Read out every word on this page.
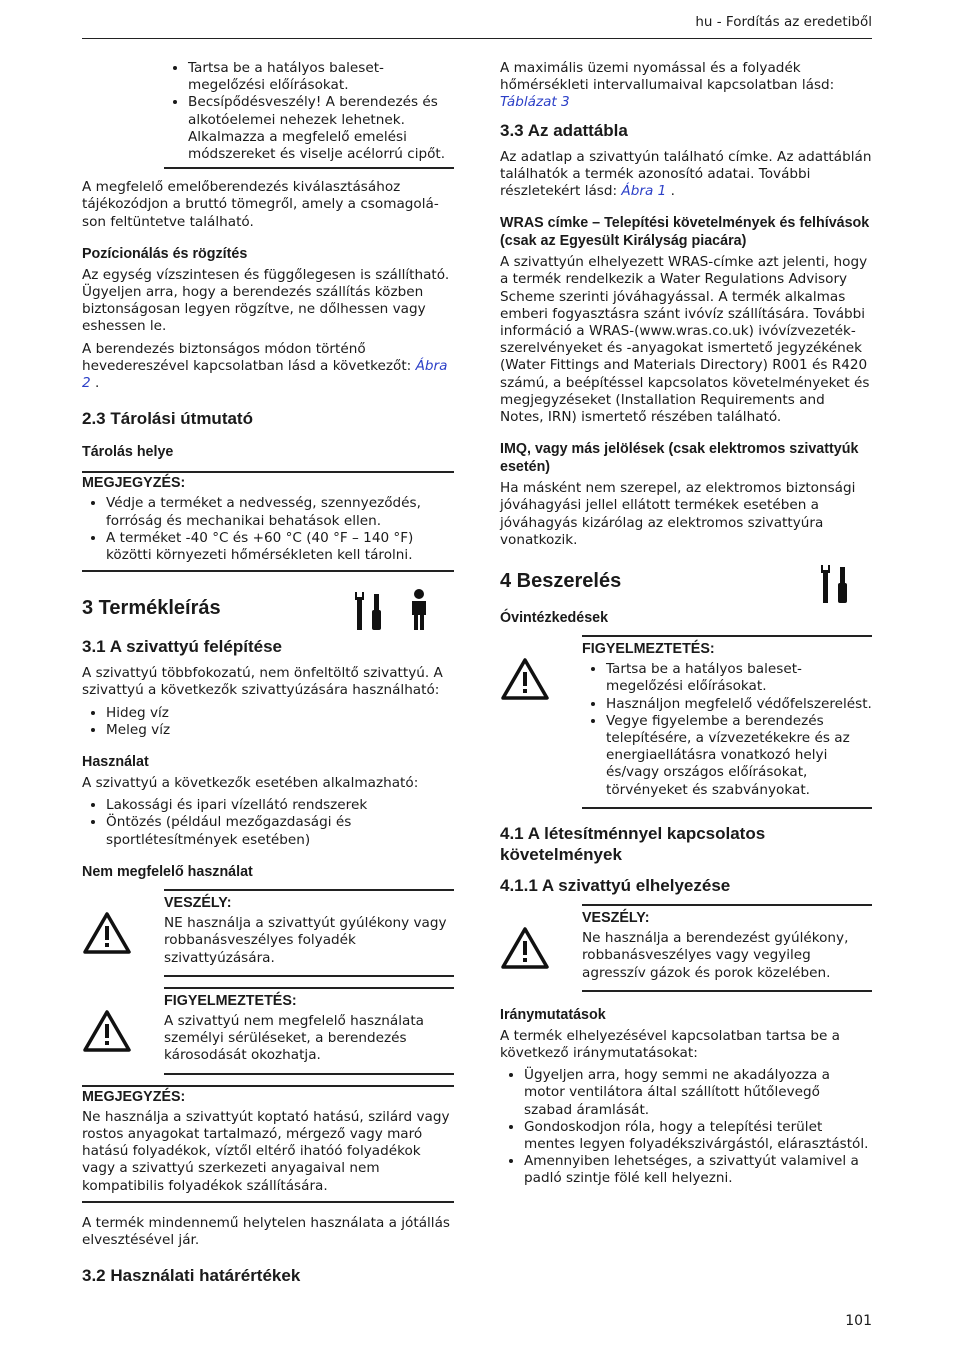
hu - Fordítás az eredetiből
• Tartsa be a hatályos baleset-megelőzési előírásokat.
• Becsípődésveszély! A berendezés és alkotóelemei nehezek lehetnek. Alkalmazza a megfelelő emelési módszereket és viselje acélorrú cipőt.

A megfelelő emelőberendezés kiválasztásához tájékozódjon a bruttó tömegről, amely a csomagoláson feltüntetve található.

Pozícionálás és rögzítés

Az egység vízszintesen és függőlegesen is szállítható. Ügyeljen arra, hogy a berendezés szállítás közben biztonságosan legyen rögzítve, ne dőlhessen vagy eshessen le.

A berendezés biztonságos módon történő hevedereszével kapcsolatban lásd a következőt: Ábra 2 .

2.3 Tárolási útmutató
Tárolás helye
MEGJEGYZÉS:
• Védje a terméket a nedvesség, szennyeződés, forróság és mechanikai behatások ellen.
• A terméket -40 °C és +60 °C (40 °F – 140 °F) közötti környezeti hőmérsékleten kell tárolni.
3 Termékleírás
3.1 A szivattyú felépítése

A szivattyú többfokozatú, nem önfeltöltő szivattyú. A szivattyú a következők szivattyúzására használható:

• Hideg víz
• Meleg víz
Használat

A szivattyú a következők esetében alkalmazható:

• Lakossági és ipari vízellátó rendszerek
• Öntözés (például mezőgazdasági és sportlétesítmények esetében)
Nem megfelelő használat
VESZÉLY:

NE használja a szivattyút gyúlékony vagy robbanásveszélyes folyadék szivattyúzására.

FIGYELMEZTETÉS:

A szivattyú nem megfelelő használata személyi sérüléseket, a berendezés károsodását okozhatja.

MEGJEGYZÉS:

Ne használja a szivattyút koptató hatású, szilárd vagy rostos anyagokat tartalmazó, mérgező vagy maró hatású folyadékok, víztől eltérő ihatóó folyadékok vagy a szivattyú szerkezeti anyagaival nem kompatibilis folyadékok szállítására.

A termék mindennemű helytelen használata a jótállás elvesztésével jár.

3.2 Használati határértékek

A maximális üzemi nyomással és a folyadék hőmérsékleti intervallumaival kapcsolatban lásd: Táblázat 3

3.3 Az adattábla

Az adatlap a szivattyún található címke. Az adattáblán találhatók a termék azonosító adatai. További részletekért lásd: Ábra 1 .

WRAS címke – Telepítési követelmények és felhívások (csak az Egyesült Királyság piacára)

A szivattyún elhelyezett WRAS-címke azt jelenti, hogy a termék rendelkezik a Water Regulations Advisory Scheme szerinti jóváhagyással. A termék alkalmas emberi fogyasztásra szánt ivóvíz szállítására. További információ a WRAS-(www.wras.co.uk) ivóvízvezeték-szerelvényeket és -anyagokat ismertető jegyzékének (Water Fittings and Materials Directory) R001 és R420 számú, a beépítéssel kapcsolatos követelményeket és megjegyzéseket (Installation Requirements and Notes, IRN) ismertető részében található.

IMQ, vagy más jelölések (csak elektromos szivattyúk esetén)

Ha másként nem szerepel, az elektromos biztonsági jóváhagyási jellel ellátott termékek esetében a jóváhagyás kizárólag az elektromos szivattyúra vonatkozik.

4 Beszerelés
Óvintézkedések
FIGYELMEZTETÉS:
• Tartsa be a hatályos baleset-megelőzési előírásokat.
• Használjon megfelelő védőfelszerelést.
• Vegye figyelembe a berendezés telepítésére, a vízvezetékekre és az energiaellátásra vonatkozó helyi és/vagy országos előírásokat, törvényeket és szabványokat.
4.1 A létesítménnyel kapcsolatos követelmények
4.1.1 A szivattyú elhelyezése
VESZÉLY:

Ne használja a berendezést gyúlékony, robbanásveszélyes vagy vegyileg agresszív gázok és porok közelében.

Iránymutatások

A termék elhelyezésével kapcsolatban tartsa be a következő iránymutatásokat:

• Ügyeljen arra, hogy semmi ne akadályozza a motor ventilátora által szállított hűtőlevegő szabad áramlását.
• Gondoskodjon róla, hogy a telepítési terület mentes legyen folyadékszivárgástól, elárasztástól.
• Amennyiben lehetséges, a szivattyút valamivel a padló szintje fölé kell helyezni.
101
